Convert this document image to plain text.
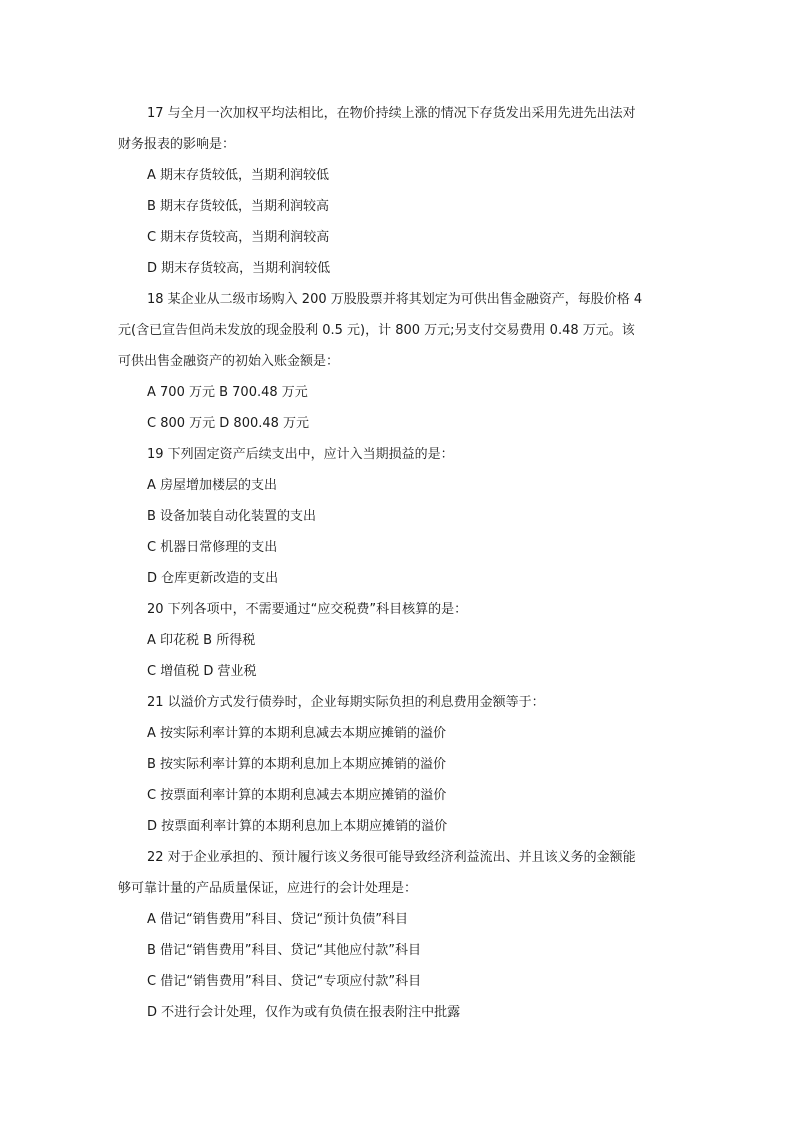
17 与全月一次加权平均法相比，在物价持续上涨的情况下存货发出采用先进先出法对
财务报表的影响是：
A 期末存货较低，当期利润较低
B 期末存货较低，当期利润较高
C 期末存货较高，当期利润较高
D 期末存货较高，当期利润较低
18 某企业从二级市场购入 200 万股股票并将其划定为可供出售金融资产，每股价格 4
元(含已宣告但尚未发放的现金股利 0.5 元)，计 800 万元;另支付交易费用 0.48 万元。该
可供出售金融资产的初始入账金额是：
A 700 万元 B 700.48 万元
C 800 万元 D 800.48 万元
19 下列固定资产后续支出中，应计入当期损益的是：
A 房屋增加楼层的支出
B 设备加装自动化装置的支出
C 机器日常修理的支出
D 仓库更新改造的支出
20 下列各项中，不需要通过“应交税费”科目核算的是：
A 印花税 B 所得税
C 增值税 D 营业税
21 以溢价方式发行债券时，企业每期实际负担的利息费用金额等于：
A 按实际利率计算的本期利息减去本期应摊销的溢价
B 按实际利率计算的本期利息加上本期应摊销的溢价
C 按票面利率计算的本期利息减去本期应摊销的溢价
D 按票面利率计算的本期利息加上本期应摊销的溢价
22 对于企业承担的、预计履行该义务很可能导致经济利益流出、并且该义务的金额能
够可靠计量的产品质量保证，应进行的会计处理是：
A 借记“销售费用”科目、贷记“预计负债”科目
B 借记“销售费用”科目、贷记“其他应付款”科目
C 借记“销售费用”科目、贷记“专项应付款”科目
D 不进行会计处理，仅作为或有负债在报表附注中批露
